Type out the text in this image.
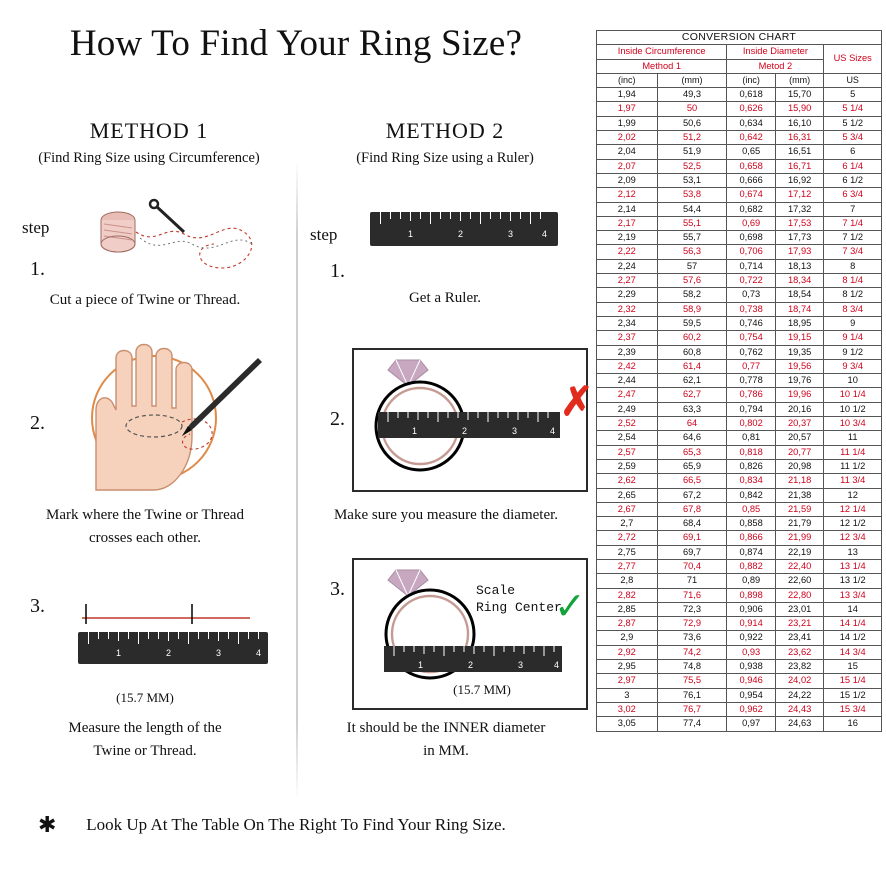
How To Find Your Ring Size?
METHOD 1
(Find Ring Size using Circumference)
step
1.
Cut a piece of Twine or Thread.
2.
Mark where the Twine or Thread
crosses each other.
3.
1	2	3	4
(15.7 MM)
Measure the length of the
Twine or Thread.
METHOD 2
(Find Ring Size using a Ruler)
step
1.
1	2	3	4
Get a Ruler.
2.
1	2	3	4
✗
Make sure you measure the diameter.
3.
1	2	3	4
Scale
Ring Center
✓
(15.7 MM)
It should be the INNER diameter
in MM.
✱	Look Up At The Table On The Right To Find Your Ring Size.
CONVERSION CHART				
Inside Circumference		Inside Diameter		US Sizes
Method 1		Metod 2		
(inc)	(mm)	(inc)	(mm)	US
1,94	49,3	0,618	15,70	5
1,97	50	0,626	15,90	5 1/4
1,99	50,6	0,634	16,10	5 1/2
2,02	51,2	0,642	16,31	5 3/4
2,04	51,9	0,65	16,51	6
2,07	52,5	0,658	16,71	6 1/4
2,09	53,1	0,666	16,92	6 1/2
2,12	53,8	0,674	17,12	6 3/4
2,14	54,4	0,682	17,32	7
2,17	55,1	0,69	17,53	7 1/4
2,19	55,7	0,698	17,73	7 1/2
2,22	56,3	0,706	17,93	7 3/4
2,24	57	0,714	18,13	8
2,27	57,6	0,722	18,34	8 1/4
2,29	58,2	0,73	18,54	8 1/2
2,32	58,9	0,738	18,74	8 3/4
2,34	59,5	0,746	18,95	9
2,37	60,2	0,754	19,15	9 1/4
2,39	60,8	0,762	19,35	9 1/2
2,42	61,4	0,77	19,56	9 3/4
2,44	62,1	0,778	19,76	10
2,47	62,7	0,786	19,96	10 1/4
2,49	63,3	0,794	20,16	10 1/2
2,52	64	0,802	20,37	10 3/4
2,54	64,6	0,81	20,57	11
2,57	65,3	0,818	20,77	11 1/4
2,59	65,9	0,826	20,98	11 1/2
2,62	66,5	0,834	21,18	11 3/4
2,65	67,2	0,842	21,38	12
2,67	67,8	0,85	21,59	12 1/4
2,7	68,4	0,858	21,79	12 1/2
2,72	69,1	0,866	21,99	12 3/4
2,75	69,7	0,874	22,19	13
2,77	70,4	0,882	22,40	13 1/4
2,8	71	0,89	22,60	13 1/2
2,82	71,6	0,898	22,80	13 3/4
2,85	72,3	0,906	23,01	14
2,87	72,9	0,914	23,21	14 1/4
2,9	73,6	0,922	23,41	14 1/2
2,92	74,2	0,93	23,62	14 3/4
2,95	74,8	0,938	23,82	15
2,97	75,5	0,946	24,02	15 1/4
3	76,1	0,954	24,22	15 1/2
3,02	76,7	0,962	24,43	15 3/4
3,05	77,4	0,97	24,63	16
